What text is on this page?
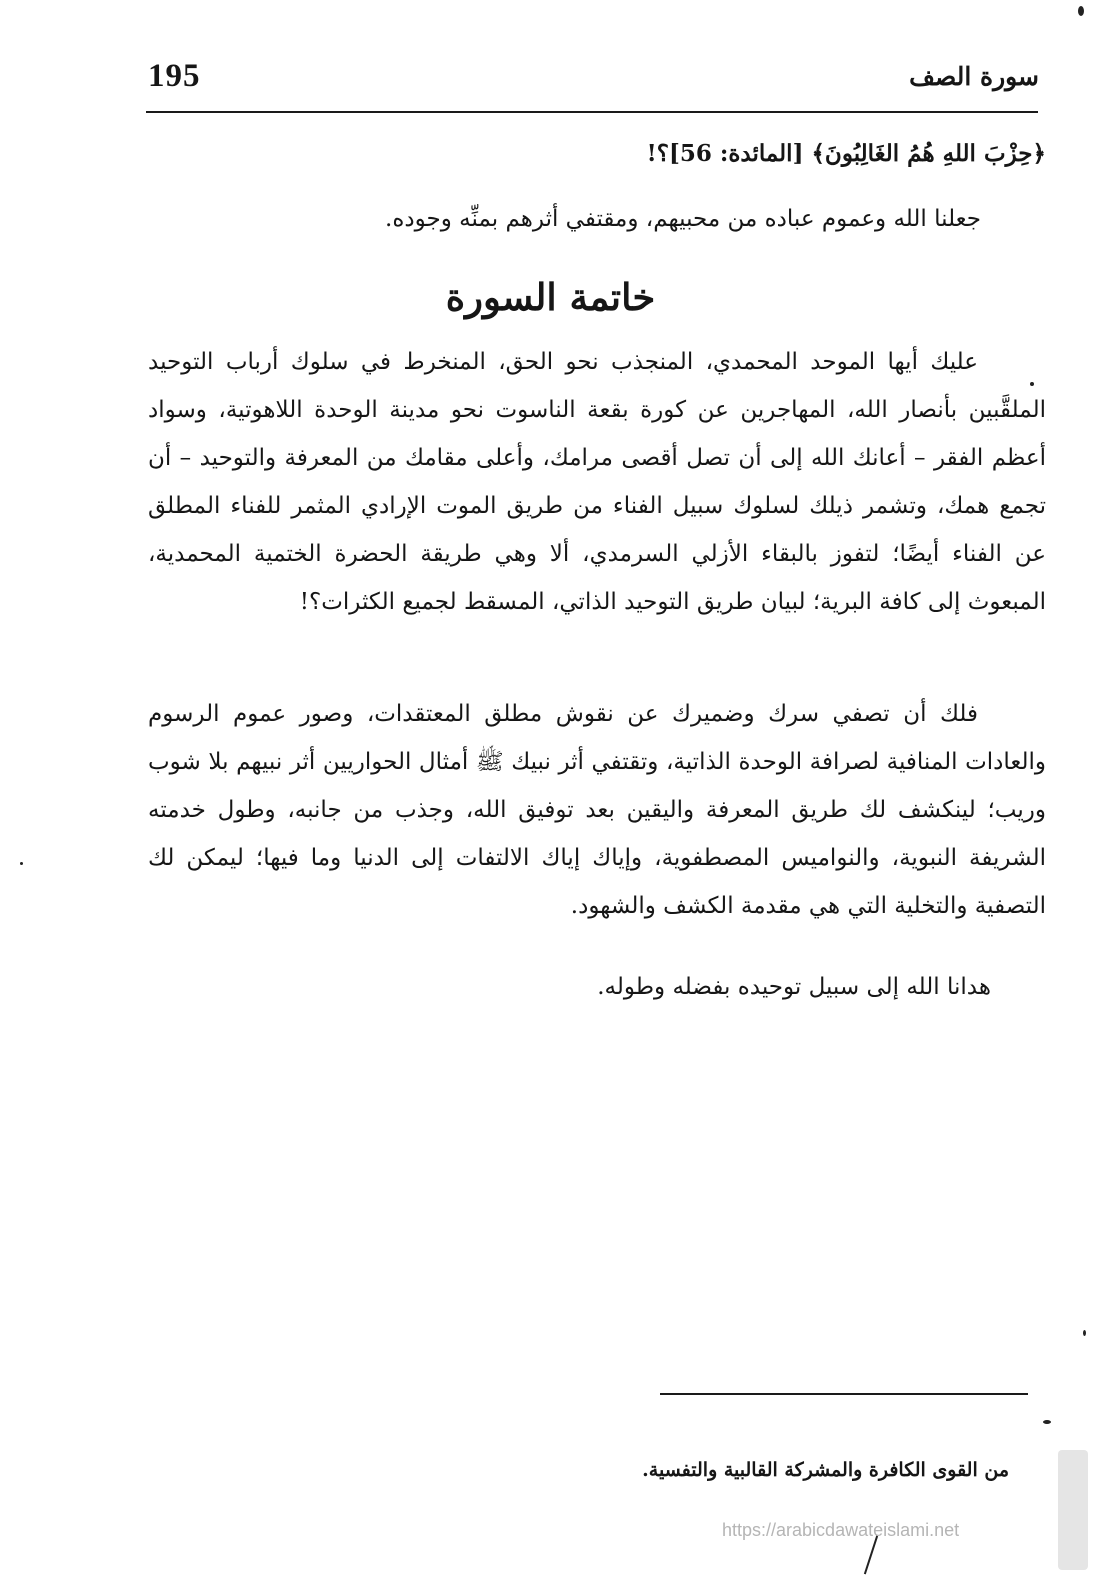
195	سورة الصف

﴿حِزْبَ اللهِ هُمُ الغَالِبُونَ﴾ [المائدة: 56]؟!

جعلنا الله وعموم عباده من محبيهم، ومقتفي أثرهم بمنِّه وجوده.

خاتمة السورة

عليك أيها الموحد المحمدي، المنجذب نحو الحق، المنخرط في سلوك أرباب التوحيد الملقَّبين بأنصار الله، المهاجرين عن كورة بقعة الناسوت نحو مدينة الوحدة اللاهوتية، وسواد أعظم الفقر – أعانك الله إلى أن تصل أقصى مرامك، وأعلى مقامك من المعرفة والتوحيد – أن تجمع همك، وتشمر ذيلك لسلوك سبيل الفناء من طريق الموت الإرادي المثمر للفناء المطلق عن الفناء أيضًا؛ لتفوز بالبقاء الأزلي السرمدي، ألا وهي طريقة الحضرة الختمية المحمدية، المبعوث إلى كافة البرية؛ لبيان طريق التوحيد الذاتي، المسقط لجميع الكثرات؟!

فلك أن تصفي سرك وضميرك عن نقوش مطلق المعتقدات، وصور عموم الرسوم والعادات المنافية لصرافة الوحدة الذاتية، وتقتفي أثر نبيك ﷺ أمثال الحواريين أثر نبيهم بلا شوب وريب؛ لينكشف لك طريق المعرفة واليقين بعد توفيق الله، وجذب من جانبه، وطول خدمته الشريفة النبوية، والنواميس المصطفوية، وإياك إياك الالتفات إلى الدنيا وما فيها؛ ليمكن لك التصفية والتخلية التي هي مقدمة الكشف والشهود.

هدانا الله إلى سبيل توحيده بفضله وطوله.

من القوى الكافرة والمشركة القالبية والتفسية.
https://arabicdawateislami.net
